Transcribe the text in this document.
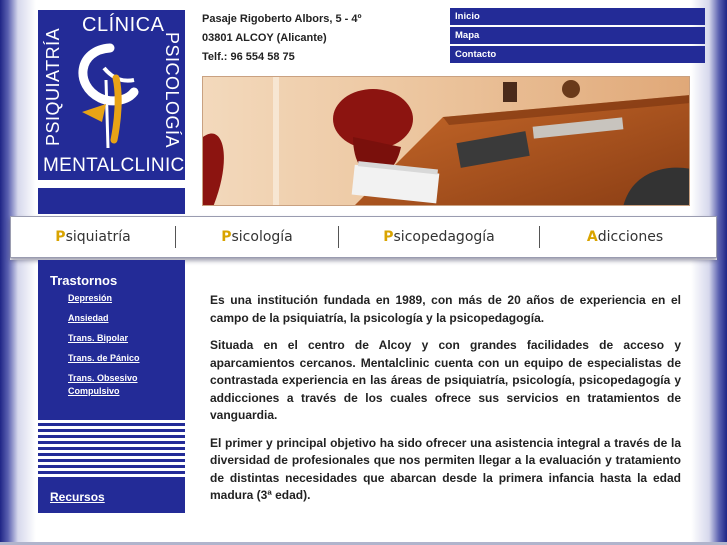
CLÍNICA
PSIQUIATRÍA	PSICOLOGÍA
MENTALCLINIC
Pasaje Rigoberto Albors, 5 - 4º
03801 ALCOY (Alicante)
Telf.: 96 554 58 75
Inicio
Mapa
Contacto
Psiquiatría	Psicología	Psicopedagogía	Adicciones
Trastornos
Depresión
Ansiedad
Trans. Bipolar
Trans. de Pánico
Trans. Obsesivo Compulsivo
Recursos

Es una institución fundada en 1989, con más de 20 años de experiencia en el campo de la psiquiatría, la psicología y la psicopedagogía.

Situada en el centro de Alcoy y con grandes facilidades de acceso y aparcamientos cercanos. Mentalclinic cuenta con un equipo de especialistas de contrastada experiencia en las áreas de psiquiatría, psicología, psicopedagogía y addicciones a través de los cuales ofrece sus servicios en tratamientos de vanguardia.

El primer y principal objetivo ha sido ofrecer una asistencia integral a través de la diversidad de profesionales que nos permiten llegar a la evaluación y tratamiento de distintas necesidades que abarcan desde la primera infancia hasta la edad madura (3ª edad).
